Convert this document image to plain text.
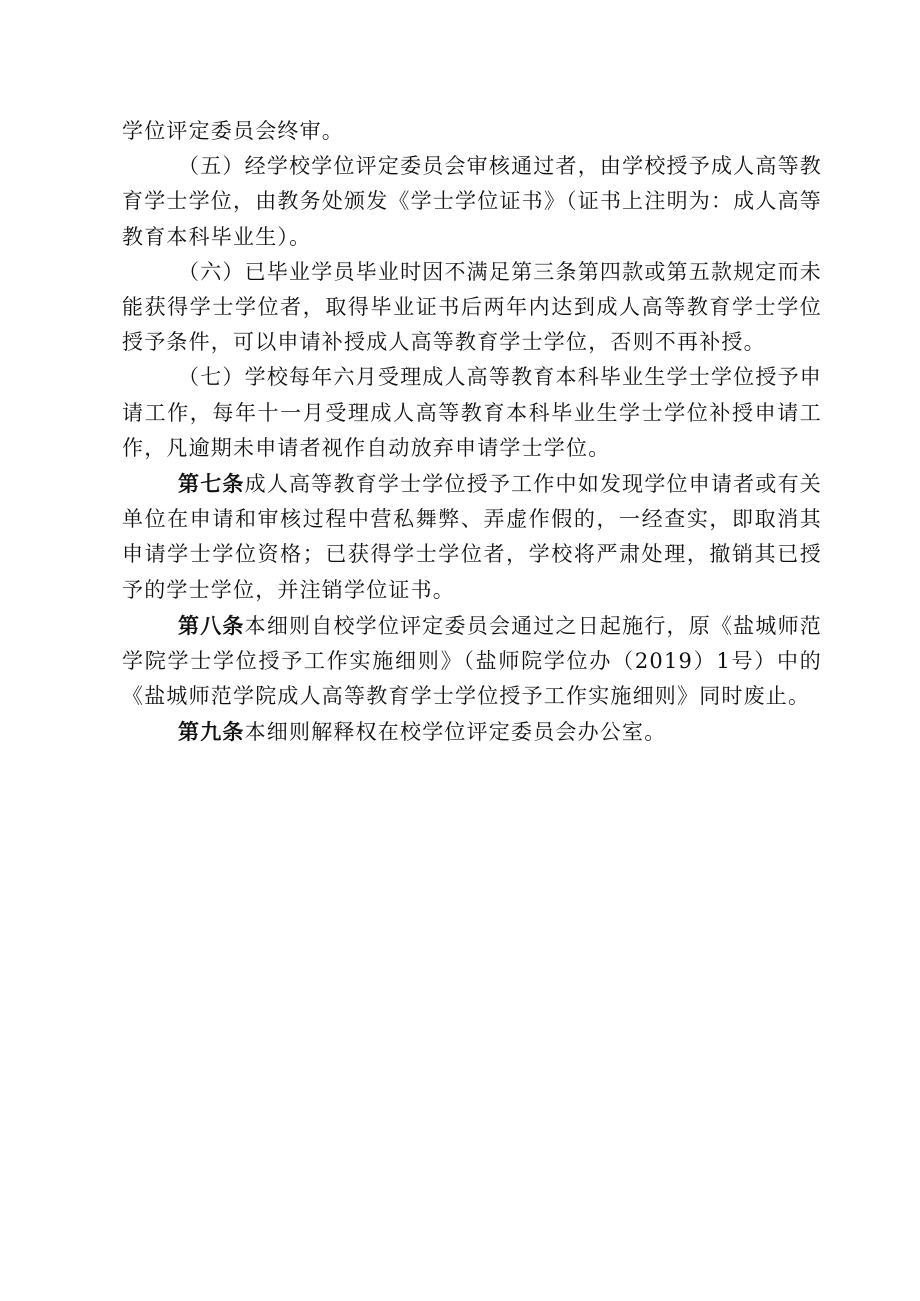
学位评定委员会终审。

（五）经学校学位评定委员会审核通过者，由学校授予成人高等教育学士学位，由教务处颁发《学士学位证书》（证书上注明为：成人高等教育本科毕业生）。

（六）已毕业学员毕业时因不满足第三条第四款或第五款规定而未能获得学士学位者，取得毕业证书后两年内达到成人高等教育学士学位授予条件，可以申请补授成人高等教育学士学位，否则不再补授。

（七）学校每年六月受理成人高等教育本科毕业生学士学位授予申请工作，每年十一月受理成人高等教育本科毕业生学士学位补授申请工作，凡逾期未申请者视作自动放弃申请学士学位。

第七条成人高等教育学士学位授予工作中如发现学位申请者或有关单位在申请和审核过程中营私舞弊、弄虚作假的，一经查实，即取消其申请学士学位资格；已获得学士学位者，学校将严肃处理，撤销其已授予的学士学位，并注销学位证书。

第八条本细则自校学位评定委员会通过之日起施行，原《盐城师范学院学士学位授予工作实施细则》（盐师院学位办（2019）1号）中的《盐城师范学院成人高等教育学士学位授予工作实施细则》同时废止。

第九条本细则解释权在校学位评定委员会办公室。
